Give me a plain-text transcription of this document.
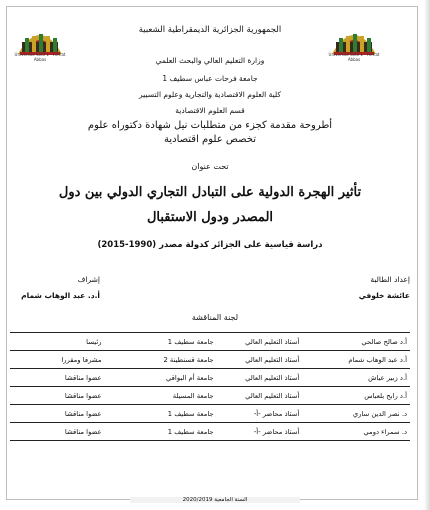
Université Sétif 1 · Ferhat Abbas
Université Sétif 1 · Ferhat Abbas
الجمهورية الجزائرية الديمقراطية الشعبية
وزارة التعليم العالي والبحث العلمي
جامعة فرحات عباس سطيف 1
كلية العلوم الاقتصادية والتجارية وعلوم التسيير
قسم العلوم الاقتصادية
أطروحة مقدمة كجزء من متطلبات نيل شهادة دكتوراه علوم
تخصص علوم اقتصادية
تحت عنوان
تأثير الهجرة الدولية على التبادل التجاري الدولي بين دول
المصدر ودول الاستقبال
دراسة قياسية على الجزائر كدولة مصدر (1990-2015)
إعداد الطالبة
عائشة خلوفي
إشراف
أ.د. عبد الوهاب شمام
لجنة المناقشة
أ.د صالح صالحي	أستاذ التعليم العالي	جامعة سطيف 1	رئيسا
أ.د عبد الوهاب شمام	أستاذ التعليم العالي	جامعة قسنطينة 2	مشرفا ومقررا
أ.د زبير عياش	أستاذ التعليم العالي	جامعة أم البواقي	عضوا مناقشا
أ.د رابح بلعباس	أستاذ التعليم العالي	جامعة المسيلة	عضوا مناقشا
د. نصر الدين ساري	أستاذ محاضر -أ-	جامعة سطيف 1	عضوا مناقشا
د. سمراء دومي	أستاذ محاضر -أ-	جامعة سطيف 1	عضوا مناقشا
السنة الجامعية 2020/2019
